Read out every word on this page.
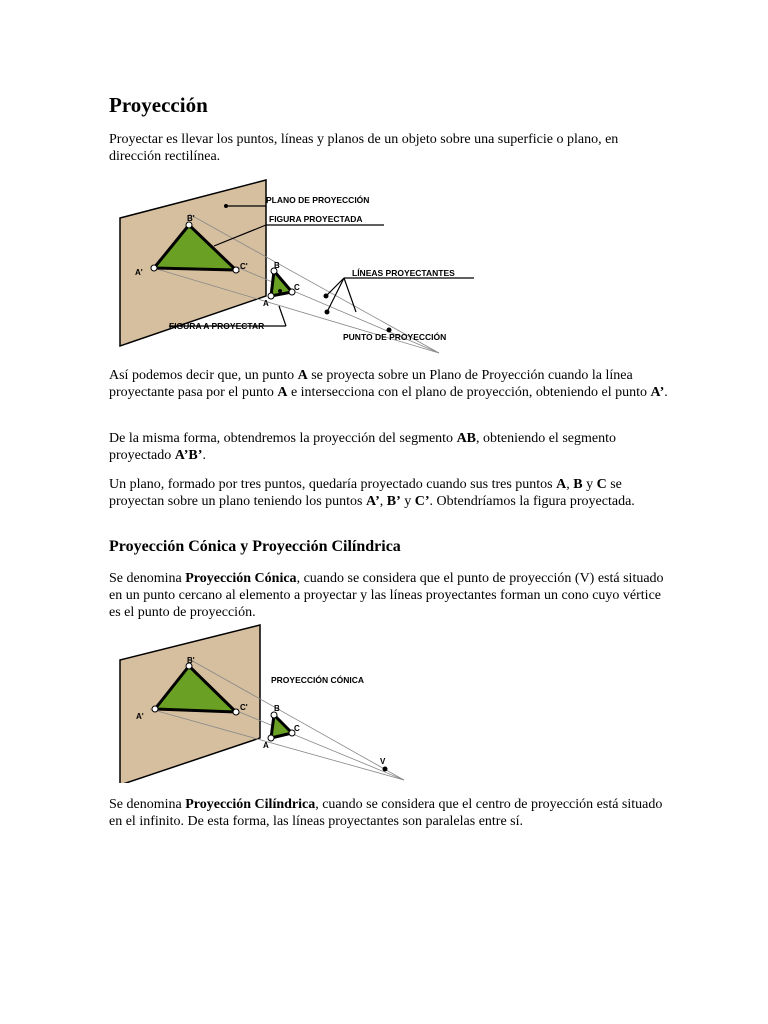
Proyección

Proyectar es llevar los puntos, líneas y planos de un objeto sobre una superficie o plano, en dirección rectilínea.

PLANO DE PROYECCIÓN
FIGURA PROYECTADA
LÍNEAS PROYECTANTES
FIGURA A PROYECTAR
PUNTO DE PROYECCIÓN
B'
A'
C'	B
A
C

Así podemos decir que, un punto A se proyecta sobre un Plano de Proyección cuando la línea proyectante pasa por el punto A e intersecciona con el plano de proyección, obteniendo el punto A’.

De la misma forma, obtendremos la proyección del segmento AB, obteniendo el segmento proyectado A’B’.

Un plano, formado por tres puntos, quedaría proyectado cuando sus tres puntos A, B y C se proyectan sobre un plano teniendo los puntos A’, B’ y C’. Obtendríamos la figura proyectada.

Proyección Cónica y Proyección Cilíndrica

Se denomina Proyección Cónica, cuando se considera que el punto de proyección (V) está situado en un punto cercano al elemento a proyectar y las líneas proyectantes forman un cono cuyo vértice es el punto de proyección.

PROYECCIÓN CÓNICA
B'
A'
C'	B
A
C
V

Se denomina Proyección Cilíndrica, cuando se considera que el centro de proyección está situado en el infinito. De esta forma, las líneas proyectantes son paralelas entre sí.
